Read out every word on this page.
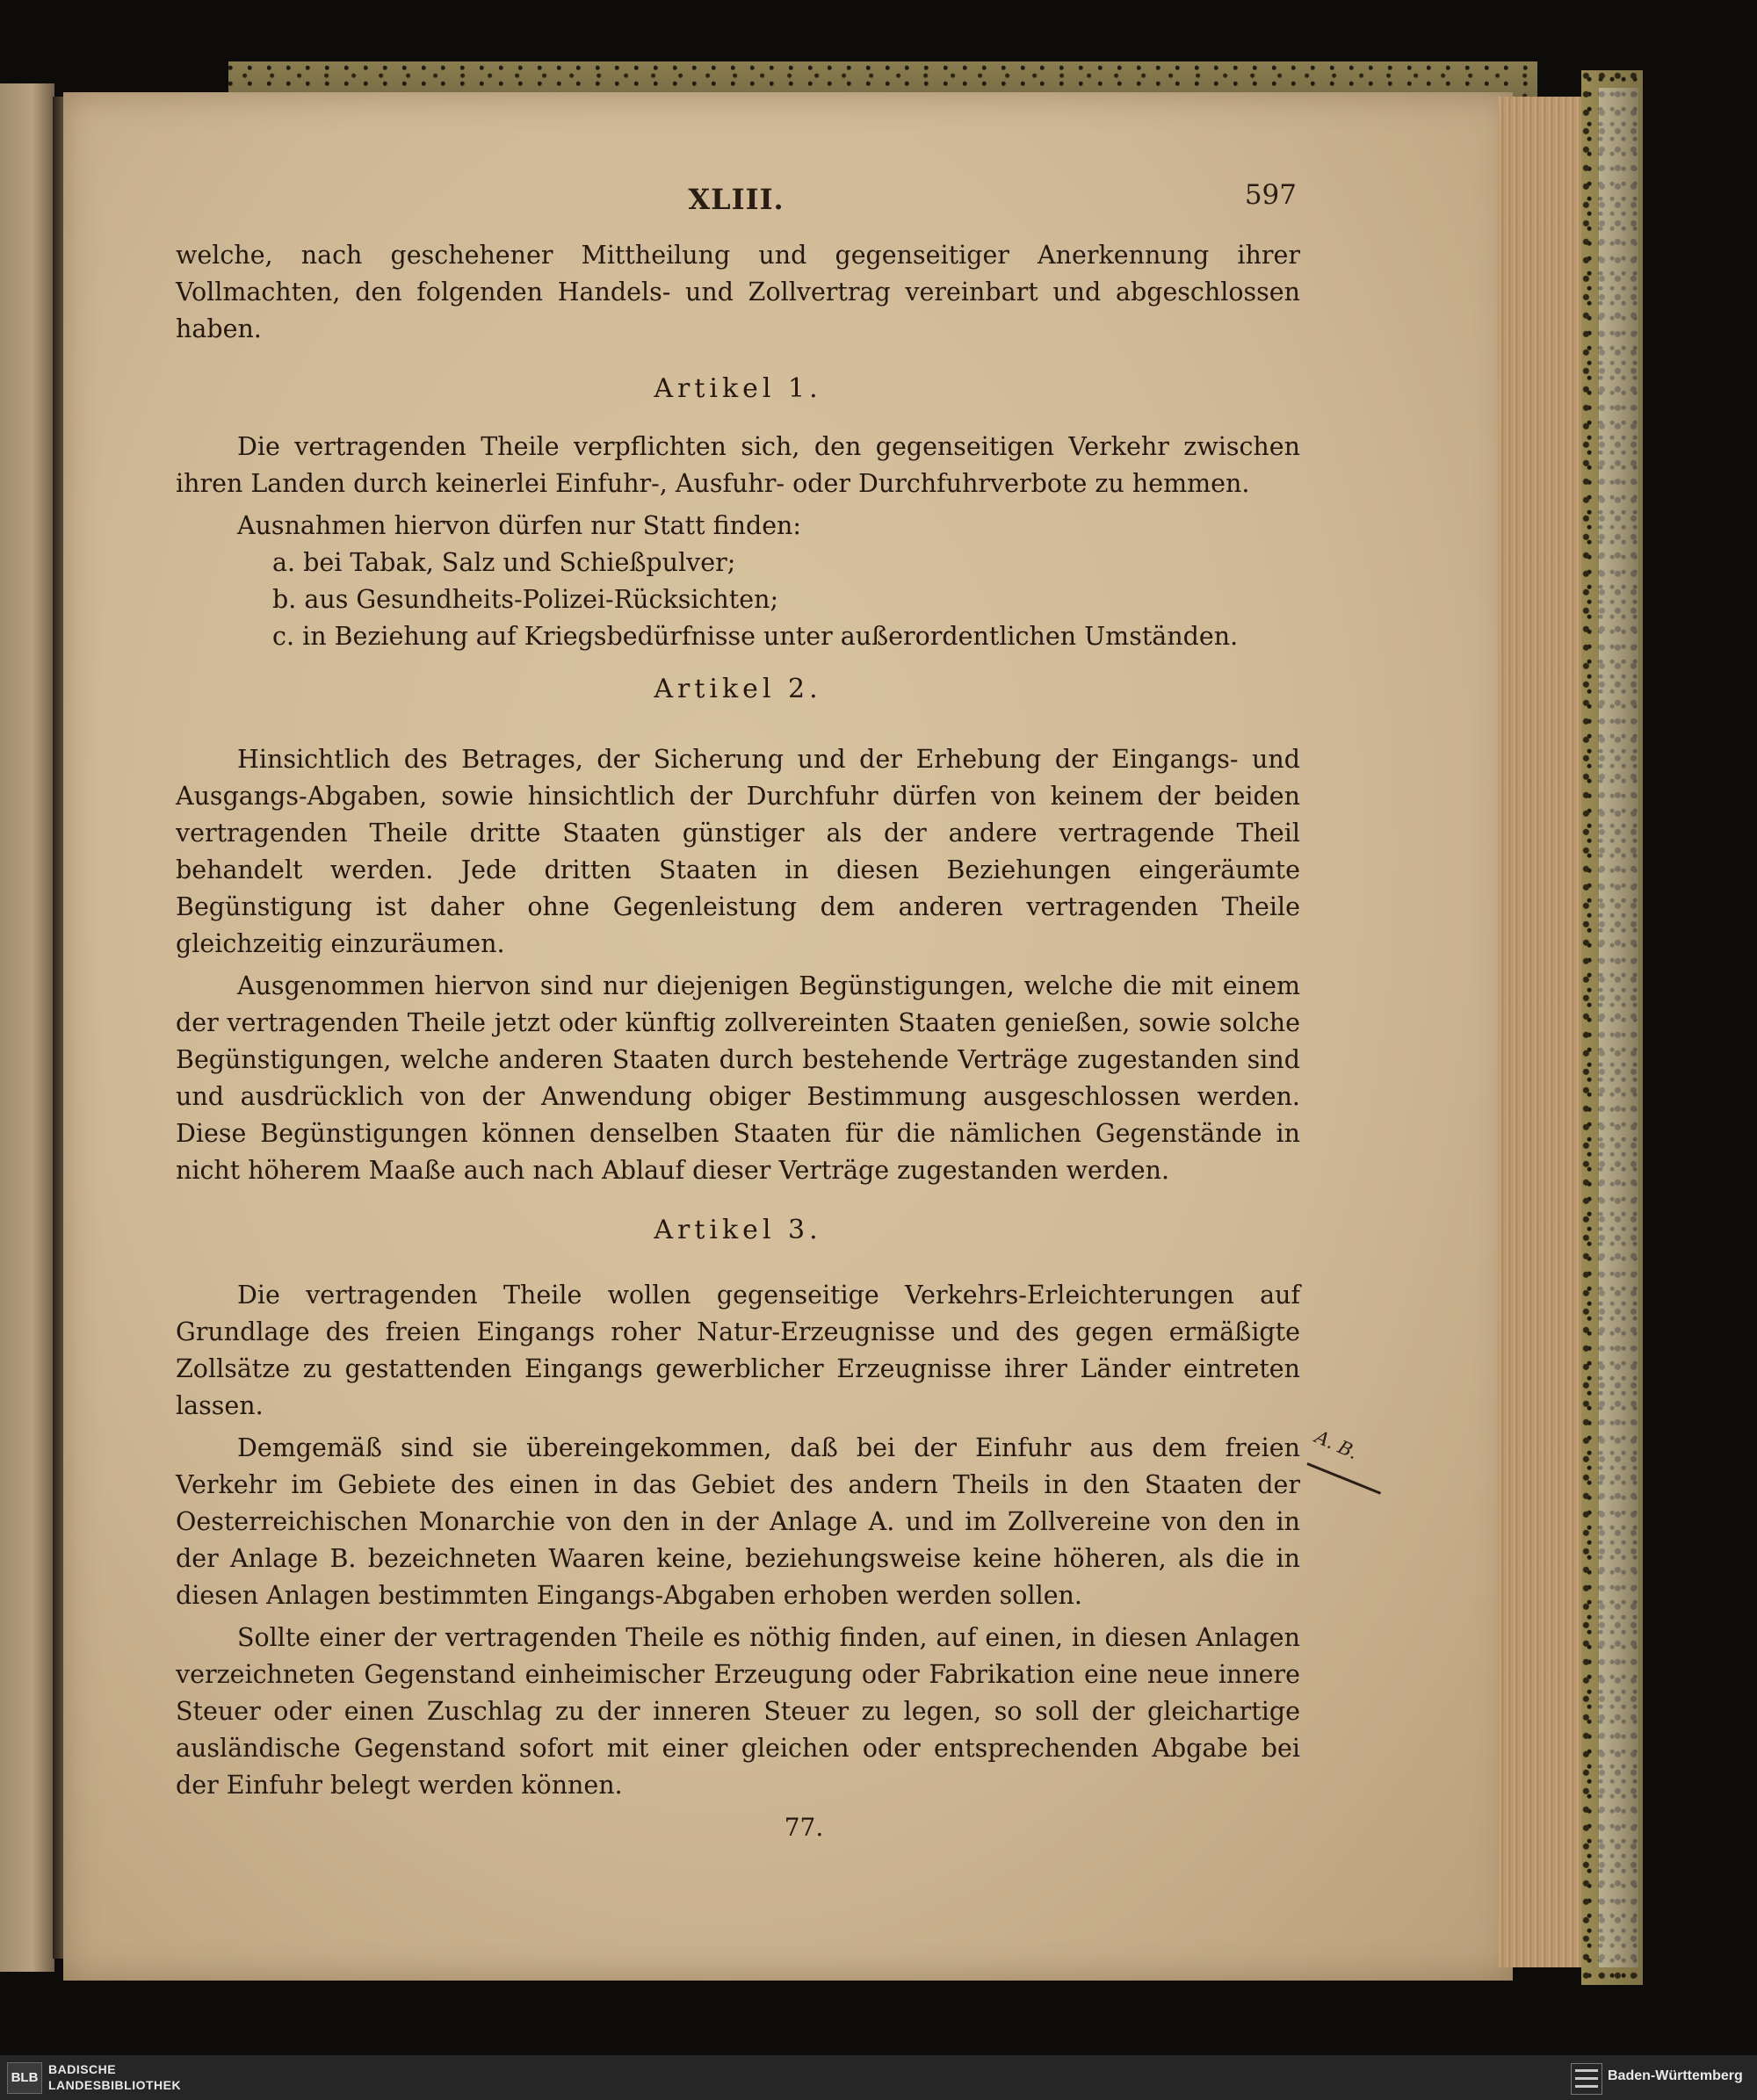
XLIII.	597

welche, nach geschehener Mittheilung und gegenseitiger Anerkennung ihrer Vollmachten, den folgenden Handels- und Zollvertrag vereinbart und abgeschlossen haben.

Artikel 1.

Die vertragenden Theile verpflichten sich, den gegenseitigen Verkehr zwischen ihren Landen durch keinerlei Einfuhr-, Ausfuhr- oder Durchfuhrverbote zu hemmen.

Ausnahmen hiervon dürfen nur Statt finden:

a. bei Tabak, Salz und Schießpulver;
b. aus Gesundheits-Polizei-Rücksichten;
c. in Beziehung auf Kriegsbedürfnisse unter außerordentlichen Umständen.

Artikel 2.

Hinsichtlich des Betrages, der Sicherung und der Erhebung der Eingangs- und Ausgangs-Abgaben, sowie hinsichtlich der Durchfuhr dürfen von keinem der beiden vertragenden Theile dritte Staaten günstiger als der andere vertragende Theil behandelt werden. Jede dritten Staaten in diesen Beziehungen eingeräumte Begünstigung ist daher ohne Gegenleistung dem anderen vertragenden Theile gleichzeitig einzuräumen.

Ausgenommen hiervon sind nur diejenigen Begünstigungen, welche die mit einem der vertragenden Theile jetzt oder künftig zollvereinten Staaten genießen, sowie solche Begünstigungen, welche anderen Staaten durch bestehende Verträge zugestanden sind und ausdrücklich von der Anwendung obiger Bestimmung ausgeschlossen werden. Diese Begünstigungen können denselben Staaten für die nämlichen Gegenstände in nicht höherem Maaße auch nach Ablauf dieser Verträge zugestanden werden.

Artikel 3.

Die vertragenden Theile wollen gegenseitige Verkehrs-Erleichterungen auf Grundlage des freien Eingangs roher Natur-Erzeugnisse und des gegen ermäßigte Zollsätze zu gestattenden Eingangs gewerblicher Erzeugnisse ihrer Länder eintreten lassen.

Demgemäß sind sie übereingekommen, daß bei der Einfuhr aus dem freien Verkehr im Gebiete des einen in das Gebiet des andern Theils in den Staaten der Oesterreichischen Monarchie von den in der Anlage A. und im Zollvereine von den in der Anlage B. bezeichneten Waaren keine, beziehungsweise keine höheren, als die in diesen Anlagen bestimmten Eingangs-Abgaben erhoben werden sollen.

Sollte einer der vertragenden Theile es nöthig finden, auf einen, in diesen Anlagen verzeichneten Gegenstand einheimischer Erzeugung oder Fabrikation eine neue innere Steuer oder einen Zuschlag zu der inneren Steuer zu legen, so soll der gleichartige ausländische Gegenstand sofort mit einer gleichen oder entsprechenden Abgabe bei der Einfuhr belegt werden können.

77.
A. B.
BLB
BADISCHE
LANDESBIBLIOTHEK
Baden-Württemberg
